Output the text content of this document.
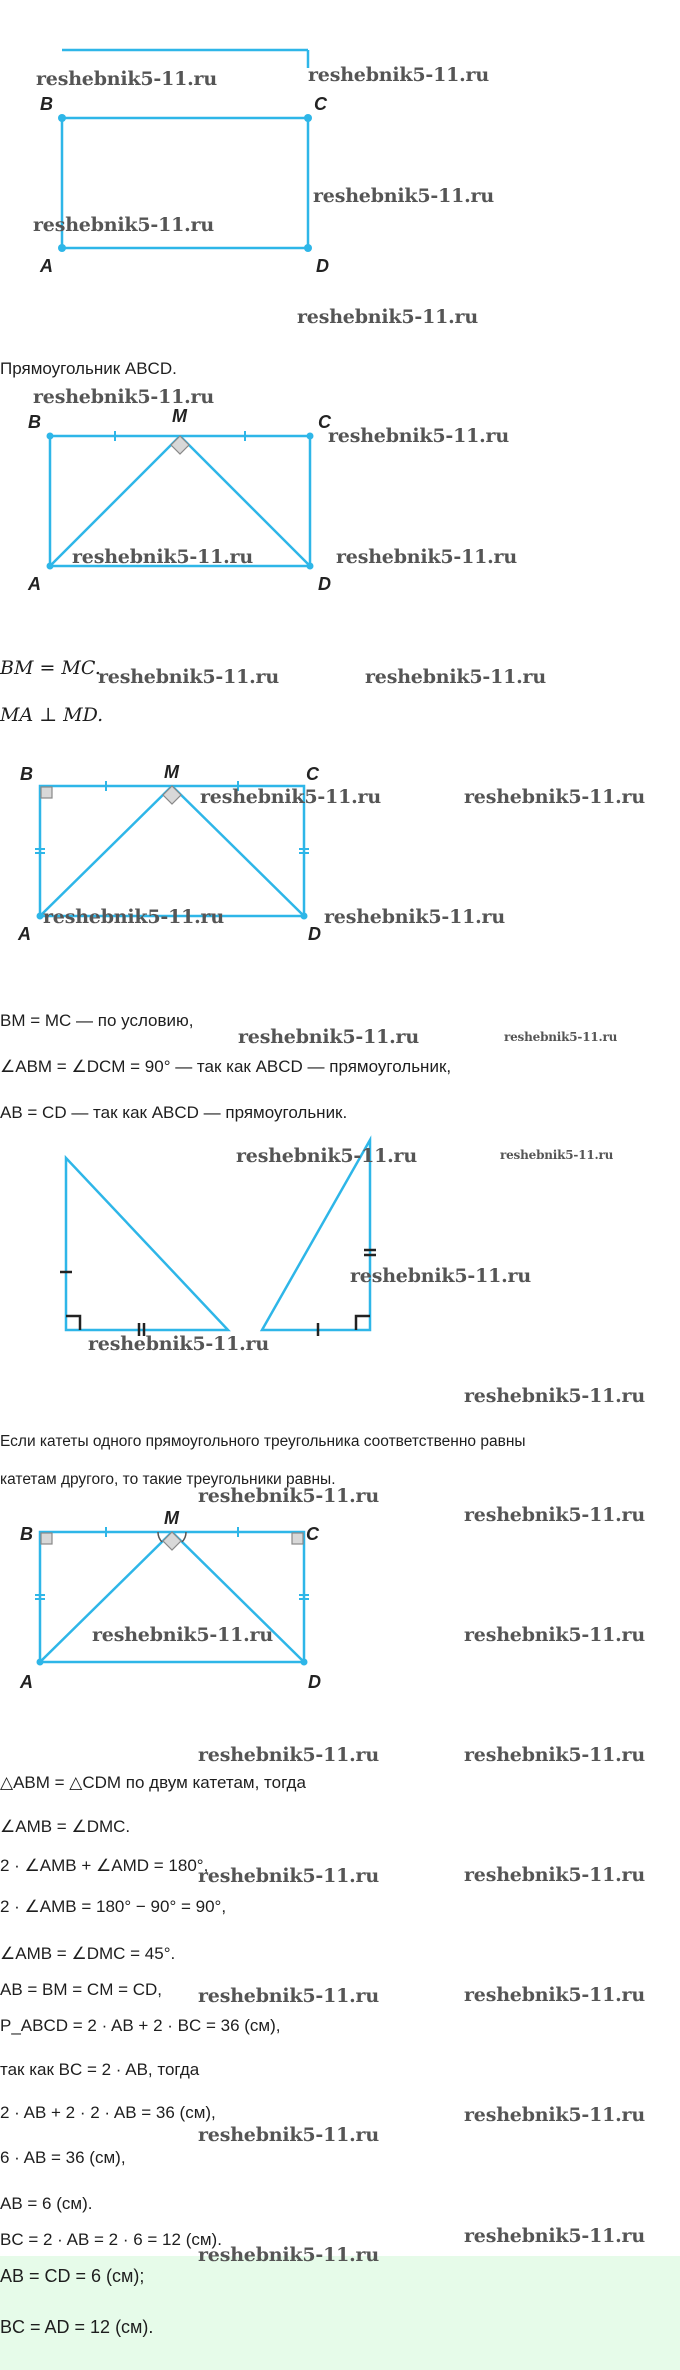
B	C
A	D
B	M	C
A	D
B	M	C
A	D
B
M
C
A	D
Прямоугольник ABCD.
BM = MC.
MA ⊥ MD.
BM = MC — по условию,
∠ABM = ∠DCM = 90° — так как ABCD — прямоугольник,
AB = CD — так как ABCD — прямоугольник.
Если катеты одного прямоугольного треугольника соответственно равны
катетам другого, то такие треугольники равны.
△ABM = △CDM по двум катетам, тогда
∠AMB = ∠DMC.
2 · ∠AMB + ∠AMD = 180°,
2 · ∠AMB = 180° − 90° = 90°,
∠AMB = ∠DMC = 45°.
AB = BM = CM = CD,
P_ABCD = 2 · AB + 2 · BC = 36 (см),
так как BC = 2 · AB, тогда
2 · AB + 2 · 2 · AB = 36 (см),
6 · AB = 36 (см),
AB = 6 (см).
BC = 2 · AB = 2 · 6 = 12 (см).
AB = CD = 6 (см);
BC = AD = 12 (см).
reshebnik5-11.ru	reshebnik5-11.ru
reshebnik5-11.ru
reshebnik5-11.ru
reshebnik5-11.ru
reshebnik5-11.ru
reshebnik5-11.ru
reshebnik5-11.ru	reshebnik5-11.ru
reshebnik5-11.ru	reshebnik5-11.ru
reshebnik5-11.ru	reshebnik5-11.ru
reshebnik5-11.ru	reshebnik5-11.ru
reshebnik5-11.ru	reshebnik5-11.ru
reshebnik5-11.ru	reshebnik5-11.ru
reshebnik5-11.ru
reshebnik5-11.ru
reshebnik5-11.ru
reshebnik5-11.ru
reshebnik5-11.ru
reshebnik5-11.ru	reshebnik5-11.ru
reshebnik5-11.ru	reshebnik5-11.ru
reshebnik5-11.ru	reshebnik5-11.ru
reshebnik5-11.ru	reshebnik5-11.ru
reshebnik5-11.ru
reshebnik5-11.ru
reshebnik5-11.ru
reshebnik5-11.ru
